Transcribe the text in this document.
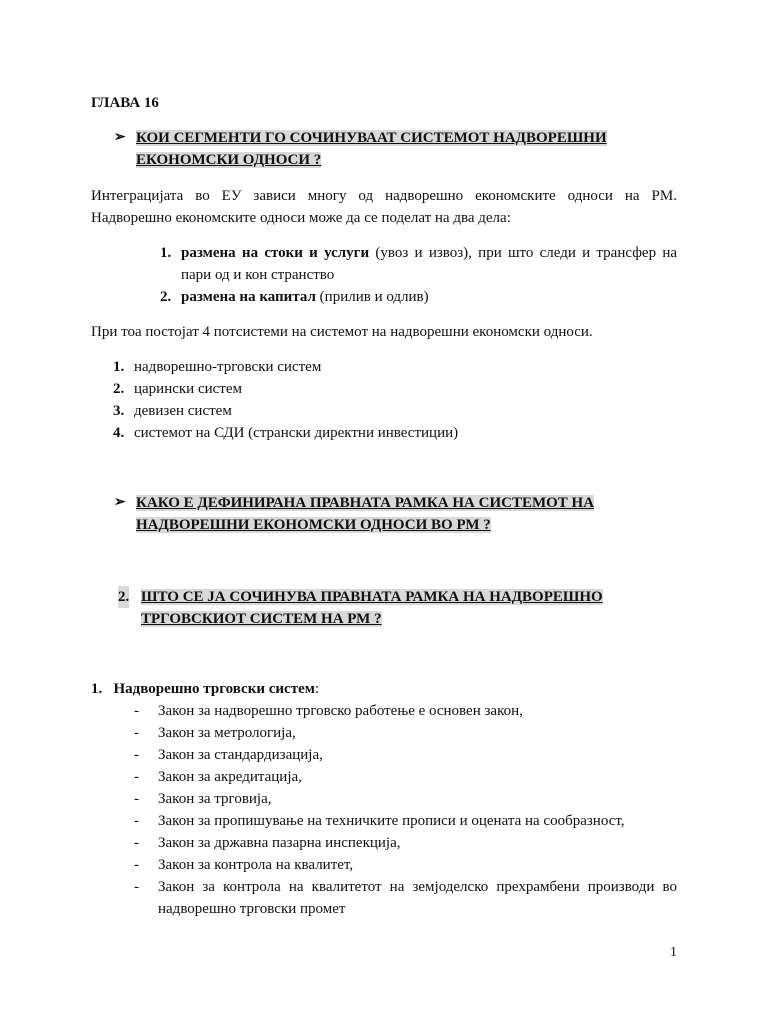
ГЛАВА 16
➢ КОИ СЕГМЕНТИ ГО СОЧИНУВААТ СИСТЕМОТ НАДВОРЕШНИ
ЕКОНОМСКИ ОДНОСИ ?
Интеграцијата во ЕУ зависи многу од надворешно економските односи на РМ. Надворешно економските односи може да се поделат на два дела:
1. размена на стоки и услуги (увоз и извоз), при што следи и трансфер на пари од и кон странство
2. размена на капитал (прилив и одлив)
При тоа постојат 4 потсистеми на системот на надворешни економски односи.
1. надворешно-трговски систем
2. царински систем
3. девизен систем
4. системот на СДИ (странски директни инвестиции)
➢ КАКО Е ДЕФИНИРАНА ПРАВНАТА РАМКА НА СИСТЕМОТ НА
НАДВОРЕШНИ ЕКОНОМСКИ ОДНОСИ ВО РМ ?
2. ШТО СЕ ЈА СОЧИНУВА ПРАВНАТА РАМКА НА НАДВОРЕШНО
ТРГОВСКИОТ СИСТЕМ НА РМ ?
1. Надворешно трговски систем:
- Закон за надворешно трговско работење е основен закон,
- Закон за метрологија,
- Закон за стандардизација,
- Закон за акредитација,
- Закон за трговија,
- Закон за пропишување на техничките прописи и оцената на сообразност,
- Закон за државна пазарна инспекција,
- Закон за контрола на квалитет,
- Закон за контрола на квалитетот на земјоделско прехрамбени производи во надворешно трговски промет
1
